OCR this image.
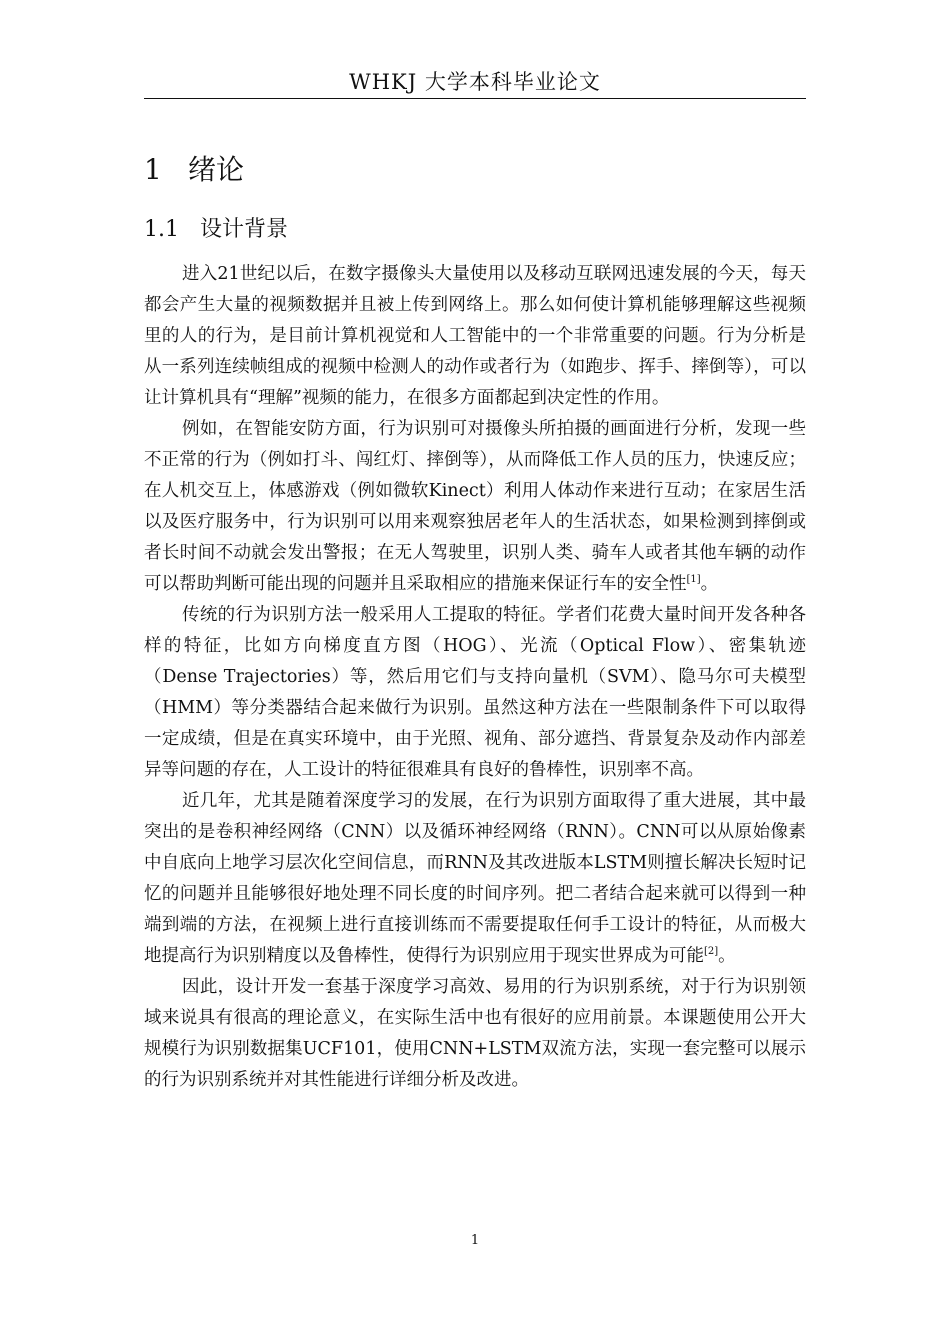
WHKJ 大学本科毕业论文
1 绪论
1.1 设计背景

进入21世纪以后，在数字摄像头大量使用以及移动互联网迅速发展的今天，每天都会产生大量的视频数据并且被上传到网络上。那么如何使计算机能够理解这些视频里的人的行为，是目前计算机视觉和人工智能中的一个非常重要的问题。行为分析是从一系列连续帧组成的视频中检测人的动作或者行为（如跑步、挥手、摔倒等），可以让计算机具有“理解”视频的能力，在很多方面都起到决定性的作用。

例如，在智能安防方面，行为识别可对摄像头所拍摄的画面进行分析，发现一些不正常的行为（例如打斗、闯红灯、摔倒等），从而降低工作人员的压力，快速反应；在人机交互上，体感游戏（例如微软Kinect）利用人体动作来进行互动；在家居生活以及医疗服务中，行为识别可以用来观察独居老年人的生活状态，如果检测到摔倒或者长时间不动就会发出警报；在无人驾驶里，识别人类、骑车人或者其他车辆的动作可以帮助判断可能出现的问题并且采取相应的措施来保证行车的安全性[1]。

传统的行为识别方法一般采用人工提取的特征。学者们花费大量时间开发各种各样的特征，比如方向梯度直方图（HOG）、光流（Optical Flow）、密集轨迹（Dense Trajectories）等，然后用它们与支持向量机（SVM）、隐马尔可夫模型（HMM）等分类器结合起来做行为识别。虽然这种方法在一些限制条件下可以取得一定成绩，但是在真实环境中，由于光照、视角、部分遮挡、背景复杂及动作内部差异等问题的存在，人工设计的特征很难具有良好的鲁棒性，识别率不高。

近几年，尤其是随着深度学习的发展，在行为识别方面取得了重大进展，其中最突出的是卷积神经网络（CNN）以及循环神经网络（RNN）。CNN可以从原始像素中自底向上地学习层次化空间信息，而RNN及其改进版本LSTM则擅长解决长短时记忆的问题并且能够很好地处理不同长度的时间序列。把二者结合起来就可以得到一种端到端的方法，在视频上进行直接训练而不需要提取任何手工设计的特征，从而极大地提高行为识别精度以及鲁棒性，使得行为识别应用于现实世界成为可能[2]。

因此，设计开发一套基于深度学习高效、易用的行为识别系统，对于行为识别领域来说具有很高的理论意义，在实际生活中也有很好的应用前景。本课题使用公开大规模行为识别数据集UCF101，使用CNN+LSTM双流方法，实现一套完整可以展示的行为识别系统并对其性能进行详细分析及改进。

1
